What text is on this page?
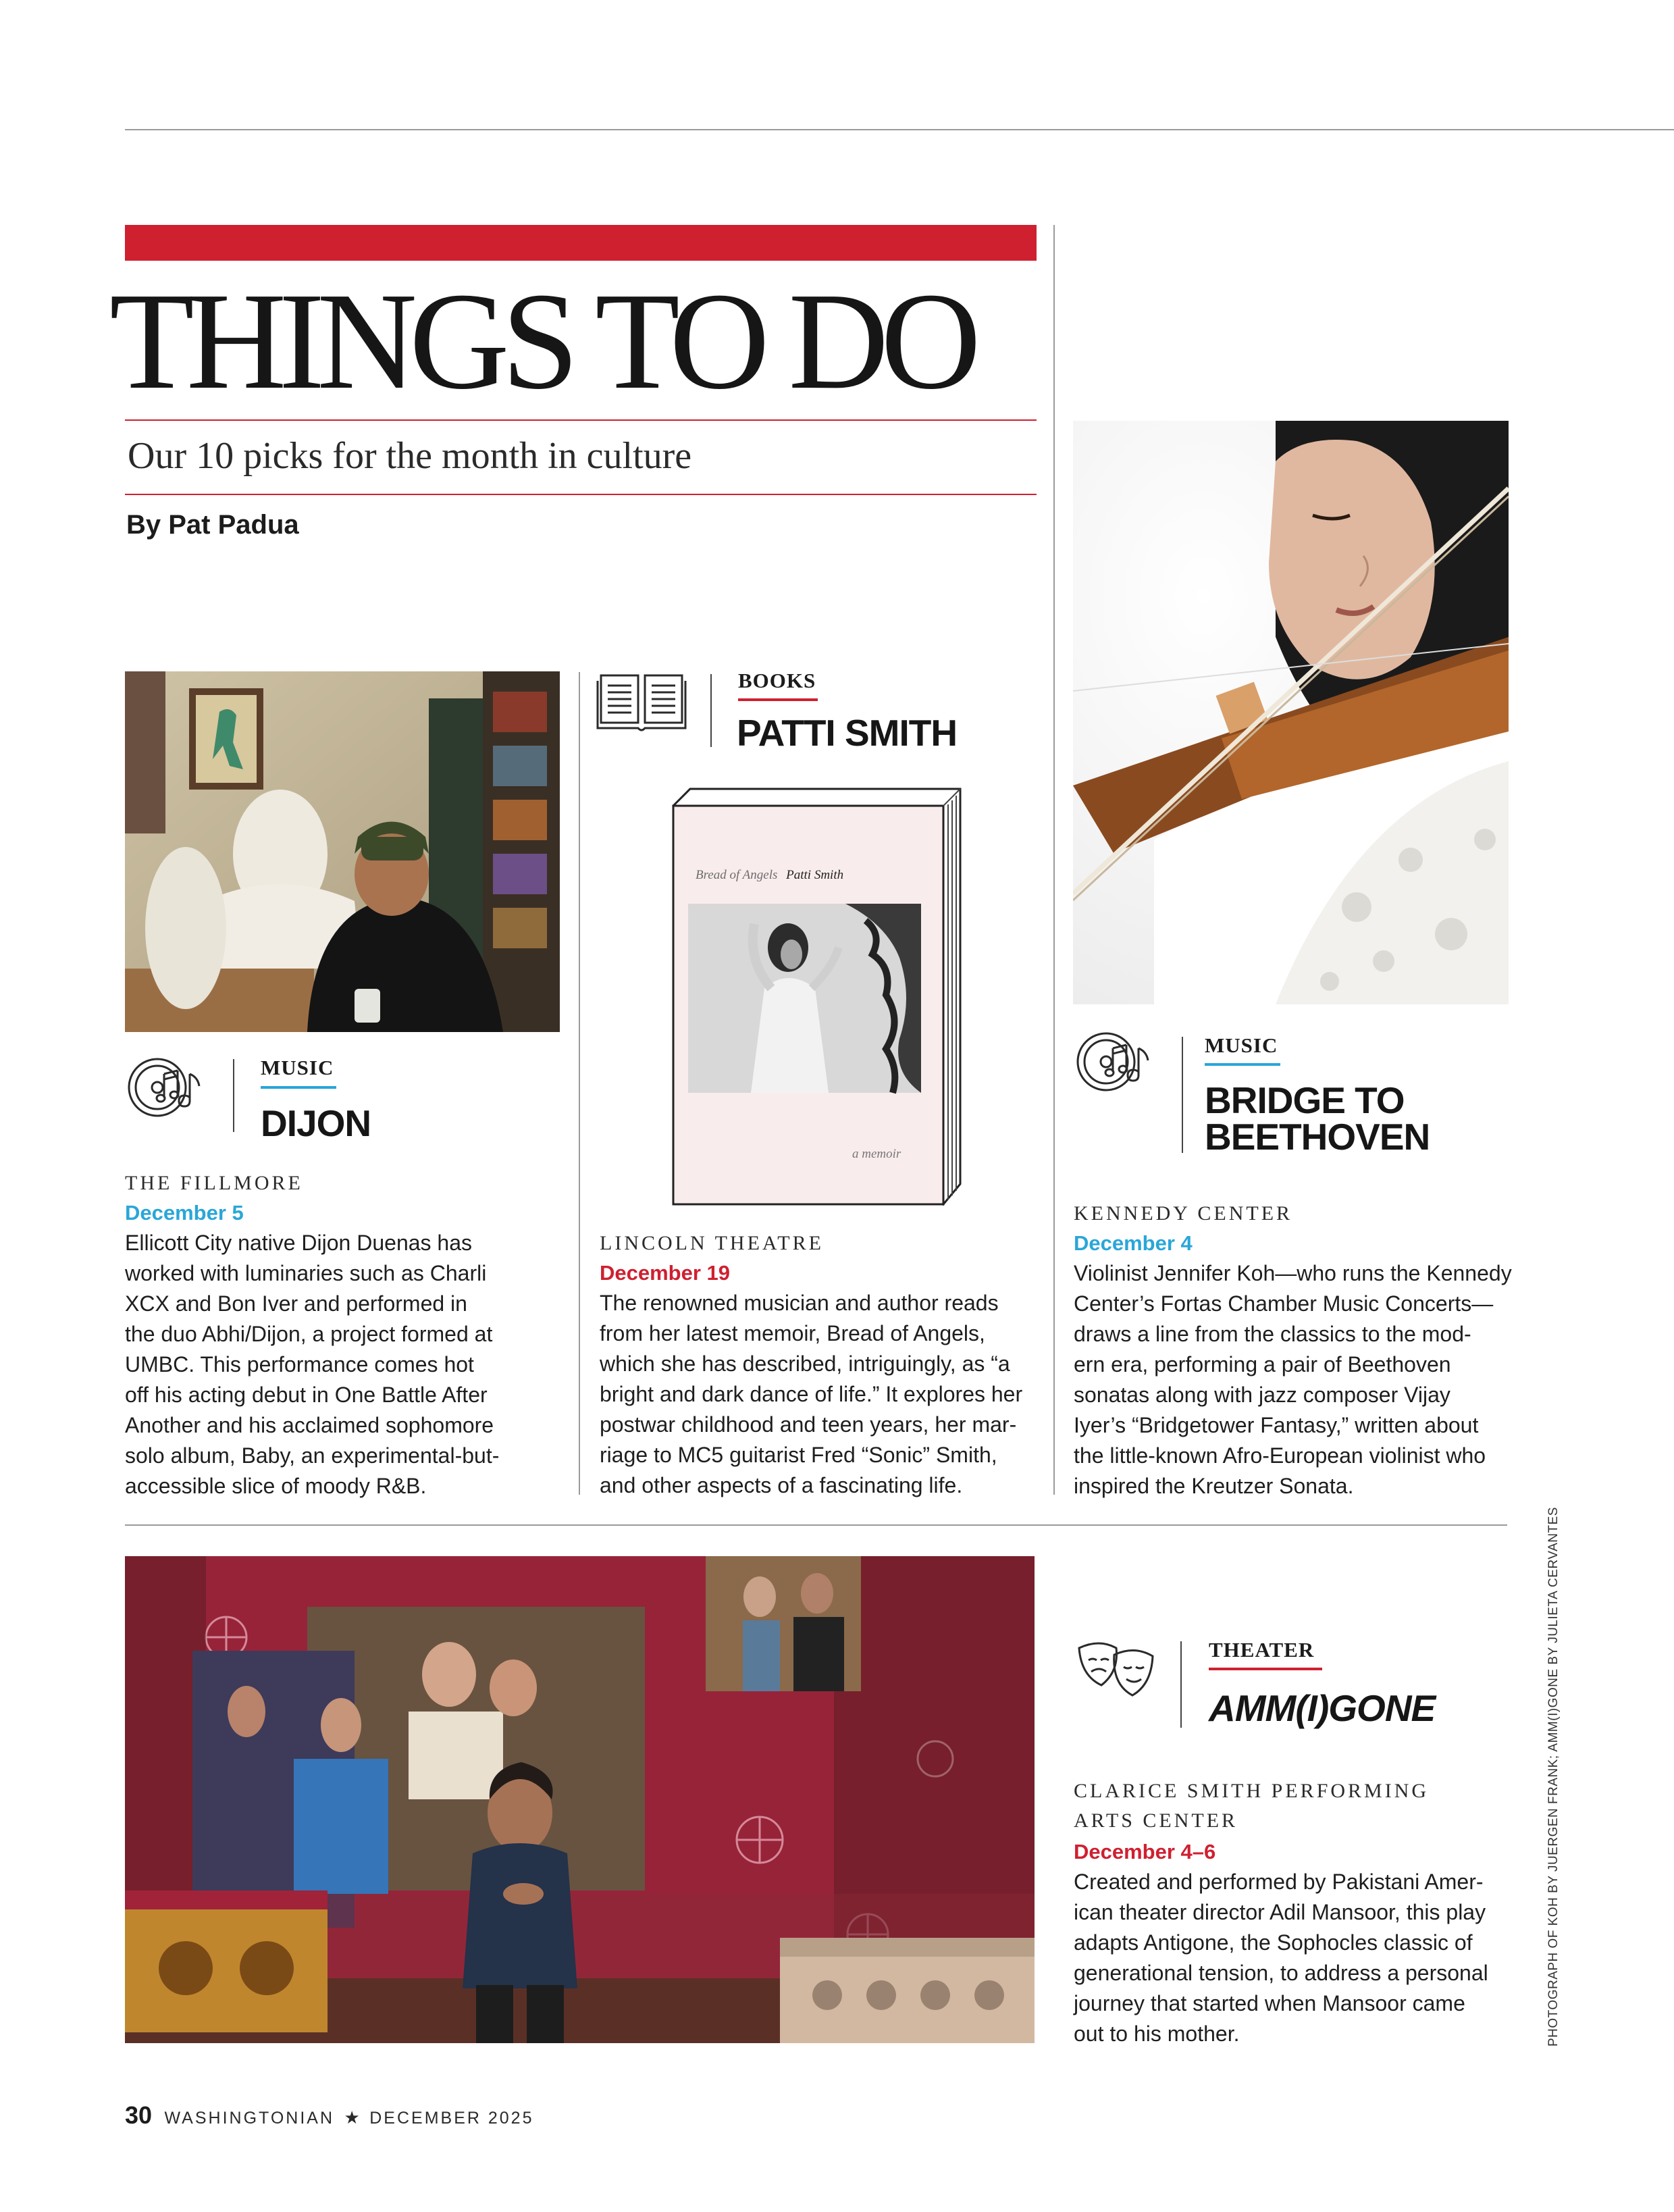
THINGS TO DO
Our 10 picks for the month in culture
By Pat Padua
MUSIC
DIJON
THE FILLMORE
December 5
Ellicott City native Dijon Duenas has
worked with luminaries such as Charli
XCX and Bon Iver and performed in
the duo Abhi/Dijon, a project formed at
UMBC. This performance comes hot
off his acting debut in One Battle After
Another and his acclaimed sophomore
solo album, Baby, an experimental-but-
accessible slice of moody R&B.
BOOKS
PATTI SMITH
Bread of Angels Patti Smith
a memoir
LINCOLN THEATRE
December 19
The renowned musician and author reads
from her latest memoir, Bread of Angels,
which she has described, intriguingly, as “a
bright and dark dance of life.” It explores her
postwar childhood and teen years, her mar-
riage to MC5 guitarist Fred “Sonic” Smith,
and other aspects of a fascinating life.
MUSIC
BRIDGE TO
BEETHOVEN
KENNEDY CENTER
December 4
Violinist Jennifer Koh—who runs the Kennedy
Center’s Fortas Chamber Music Concerts—
draws a line from the classics to the mod-
ern era, performing a pair of Beethoven
sonatas along with jazz composer Vijay
Iyer’s “Bridgetower Fantasy,” written about
the little-known Afro-European violinist who
inspired the Kreutzer Sonata.
THEATER
AMM(I)GONE
CLARICE SMITH PERFORMING
ARTS CENTER
December 4–6
Created and performed by Pakistani Amer-
ican theater director Adil Mansoor, this play
adapts Antigone, the Sophocles classic of
generational tension, to address a personal
journey that started when Mansoor came
out to his mother.	PHOTOGRAPH OF KOH BY JUERGEN FRANK; AMM(I)GONE BY JULIETA CERVANTES
30 WASHINGTONIAN ★ DECEMBER 2025
